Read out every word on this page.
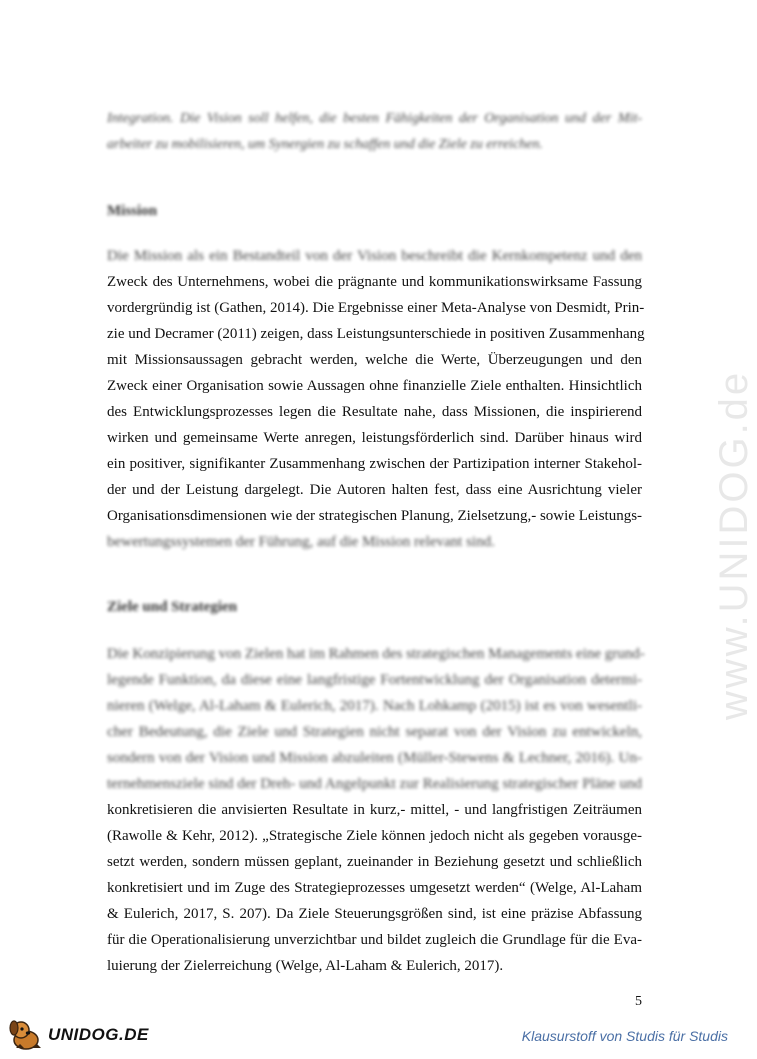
www.UNIDOG.de
Integration. Die Vision soll helfen, die besten Fähigkeiten der Organisation und der Mit-
arbeiter zu mobilisieren, um Synergien zu schaffen und die Ziele zu erreichen.
Mission
Die Mission als ein Bestandteil von der Vision beschreibt die Kernkompetenz und den
Zweck des Unternehmens, wobei die prägnante und kommunikationswirksame Fassung
vordergründig ist (Gathen, 2014). Die Ergebnisse einer Meta-Analyse von Desmidt, Prin-
zie und Decramer (2011) zeigen, dass Leistungsunterschiede in positiven Zusammenhang
mit Missionsaussagen gebracht werden, welche die Werte, Überzeugungen und den
Zweck einer Organisation sowie Aussagen ohne finanzielle Ziele enthalten. Hinsichtlich
des Entwicklungsprozesses legen die Resultate nahe, dass Missionen, die inspirierend
wirken und gemeinsame Werte anregen, leistungsförderlich sind. Darüber hinaus wird
ein positiver, signifikanter Zusammenhang zwischen der Partizipation interner Stakehol-
der und der Leistung dargelegt. Die Autoren halten fest, dass eine Ausrichtung vieler
Organisationsdimensionen wie der strategischen Planung, Zielsetzung,- sowie Leistungs-
bewertungssystemen der Führung, auf die Mission relevant sind.
Ziele und Strategien
Die Konzipierung von Zielen hat im Rahmen des strategischen Managements eine grund-
legende Funktion, da diese eine langfristige Fortentwicklung der Organisation determi-
nieren (Welge, Al-Laham & Eulerich, 2017). Nach Lohkamp (2015) ist es von wesentli-
cher Bedeutung, die Ziele und Strategien nicht separat von der Vision zu entwickeln,
sondern von der Vision und Mission abzuleiten (Müller-Stewens & Lechner, 2016). Un-
ternehmensziele sind der Dreh- und Angelpunkt zur Realisierung strategischer Pläne und
konkretisieren die anvisierten Resultate in kurz,- mittel, - und langfristigen Zeiträumen
(Rawolle & Kehr, 2012). „Strategische Ziele können jedoch nicht als gegeben vorausge-
setzt werden, sondern müssen geplant, zueinander in Beziehung gesetzt und schließlich
konkretisiert und im Zuge des Strategieprozesses umgesetzt werden“ (Welge, Al-Laham
& Eulerich, 2017, S. 207). Da Ziele Steuerungsgrößen sind, ist eine präzise Abfassung
für die Operationalisierung unverzichtbar und bildet zugleich die Grundlage für die Eva-
luierung der Zielerreichung (Welge, Al-Laham & Eulerich, 2017).
5
UNIDOG.DE	Klausurstoff von Studis für Studis
